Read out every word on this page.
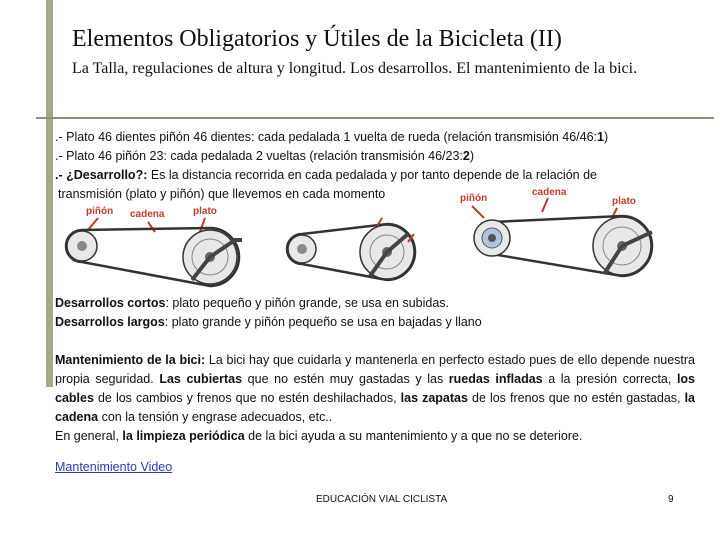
Elementos Obligatorios y Útiles de la Bicicleta (II)
La Talla, regulaciones de altura y longitud. Los desarrollos. El mantenimiento de la bici.
.- Plato 46 dientes piñón 46 dientes: cada pedalada 1 vuelta de rueda (relación transmisión 46/46:1)
.- Plato 46 piñón 23: cada pedalada 2 vueltas (relación transmisión 46/23:2)
.- ¿Desarrollo?: Es la distancia recorrida en cada pedalada y por tanto depende de la relación de
transmisión (plato y piñón) que llevemos en cada momento
piñón cadena	plato
piñón
cadena
plato
Desarrollos cortos: plato pequeño y piñón grande, se usa en subidas.
Desarrollos largos: plato grande y piñón pequeño se usa en bajadas y llano
Mantenimiento de la bici: La bici hay que cuidarla y mantenerla en perfecto estado pues de ello depende nuestra propia seguridad. Las cubiertas que no estén muy gastadas y las ruedas infladas a la presión correcta, los cables de los cambios y frenos que no estén deshilachados, las zapatas de los frenos que no estén gastadas, la cadena con la tensión y engrase adecuados, etc..
En general, la limpieza periódica de la bici ayuda a su mantenimiento y a que no se deteriore.
Mantenimiento Video
EDUCACIÓN VIAL CICLISTA	9
